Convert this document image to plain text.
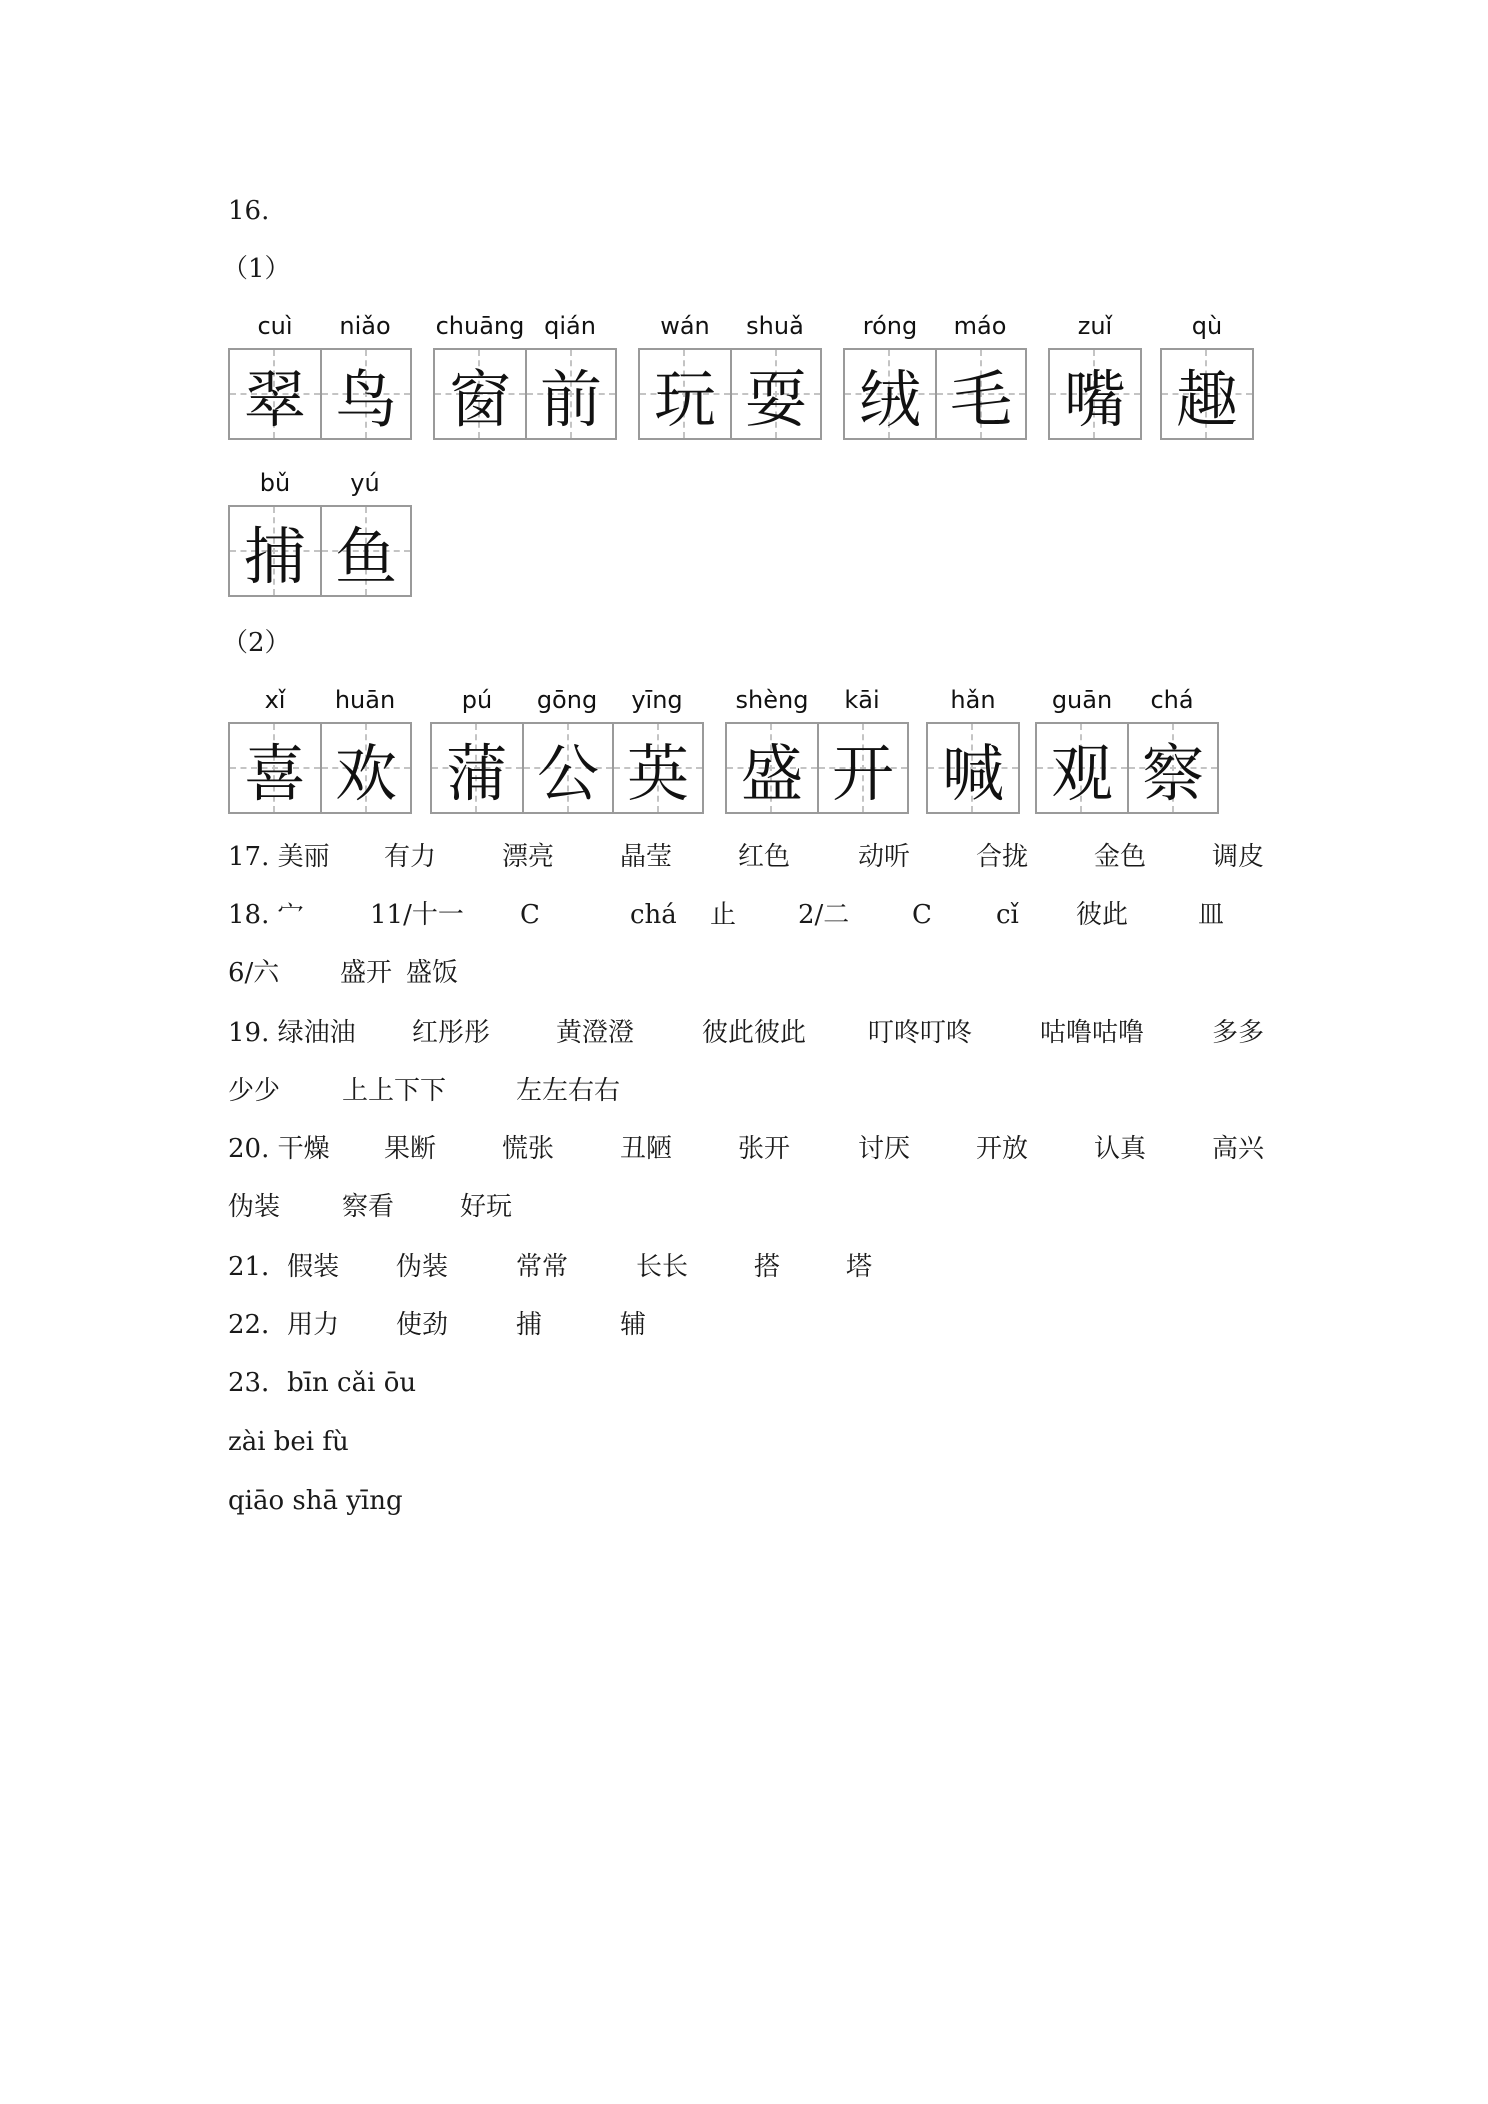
16.
（1）
（2）
cuì	niǎo
翠 鸟
chuāng qián
窗 前
wán	shuǎ
玩 耍
róng	máo
绒 毛
zuǐ
嘴
qù
趣
bǔ	yú
捕 鱼
xǐ	huān
喜 欢
pú	gōng	yīng
蒲 公 英
shèng	kāi
盛 开
hǎn
喊
guān	chá
观 察
17. 美丽 有力	漂亮	晶莹	红色	动听	合拢	金色	调皮
18. 宀	11/十一 C	chá 止 2/二 C cǐ 彼此	皿
6/六 盛开 盛饭
19. 绿油油 红彤彤	黄澄澄	彼此彼此 叮咚叮咚	咕噜咕噜	多多
少少 上上下下	左左右右
20. 干燥 果断	慌张	丑陋	张开	讨厌	开放	认真	高兴
伪装 察看	好玩
21．假装 伪装	常常	长长	搭	塔
22．用力 使劲	捕	辅
23．bīn cǎi ōu
zài bei fù
qiāo shā yīng
